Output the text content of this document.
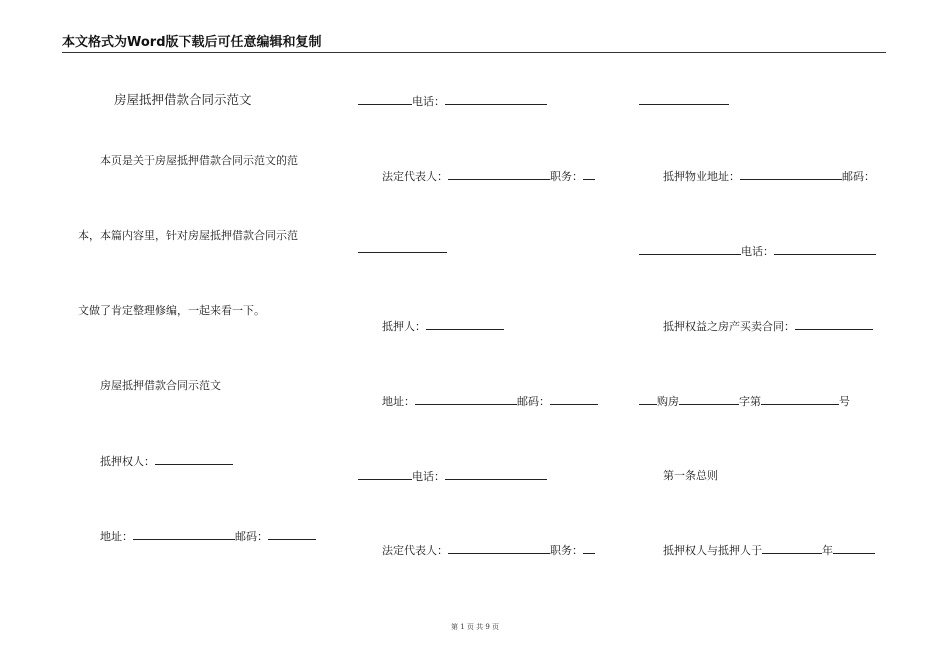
本文格式为Word版下载后可任意编辑和复制
房屋抵押借款合同示范文
本页是关于房屋抵押借款合同示范文的范
本，本篇内容里，针对房屋抵押借款合同示范
文做了肯定整理修编，一起来看一下。
房屋抵押借款合同示范文
抵押权人：
地址：	邮码：
电话：
法定代表人：	职务：
抵押人：
地址：	邮码：
电话：
法定代表人：	职务：
抵押物业地址：	邮码：
电话：
抵押权益之房产买卖合同：
购房	字第	号
第一条总则
抵押权人与抵押人于	年
第 1 页 共 9 页
